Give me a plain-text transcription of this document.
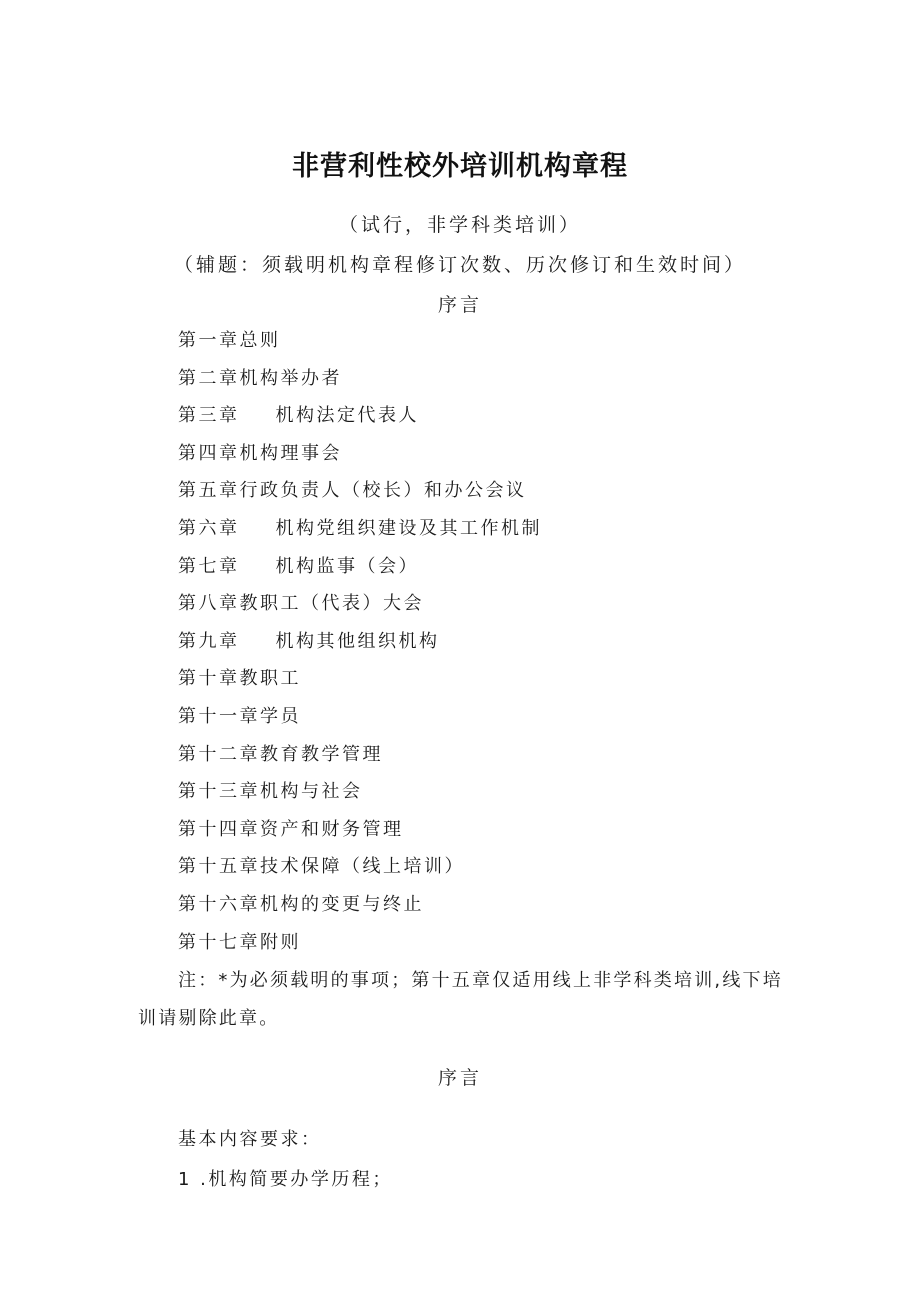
非营利性校外培训机构章程
（试行，非学科类培训）
（辅题：须载明机构章程修订次数、历次修订和生效时间）
序言
第一章总则
第二章机构举办者
第三章 机构法定代表人
第四章机构理事会
第五章行政负责人（校长）和办公会议
第六章 机构党组织建设及其工作机制
第七章 机构监事（会）
第八章教职工（代表）大会
第九章 机构其他组织机构
第十章教职工
第十一章学员
第十二章教育教学管理
第十三章机构与社会
第十四章资产和财务管理
第十五章技术保障（线上培训）
第十六章机构的变更与终止
第十七章附则
注：*为必须载明的事项；第十五章仅适用线上非学科类培训,线下培训请剔除此章。
序言
基本内容要求：
1 .机构简要办学历程；
